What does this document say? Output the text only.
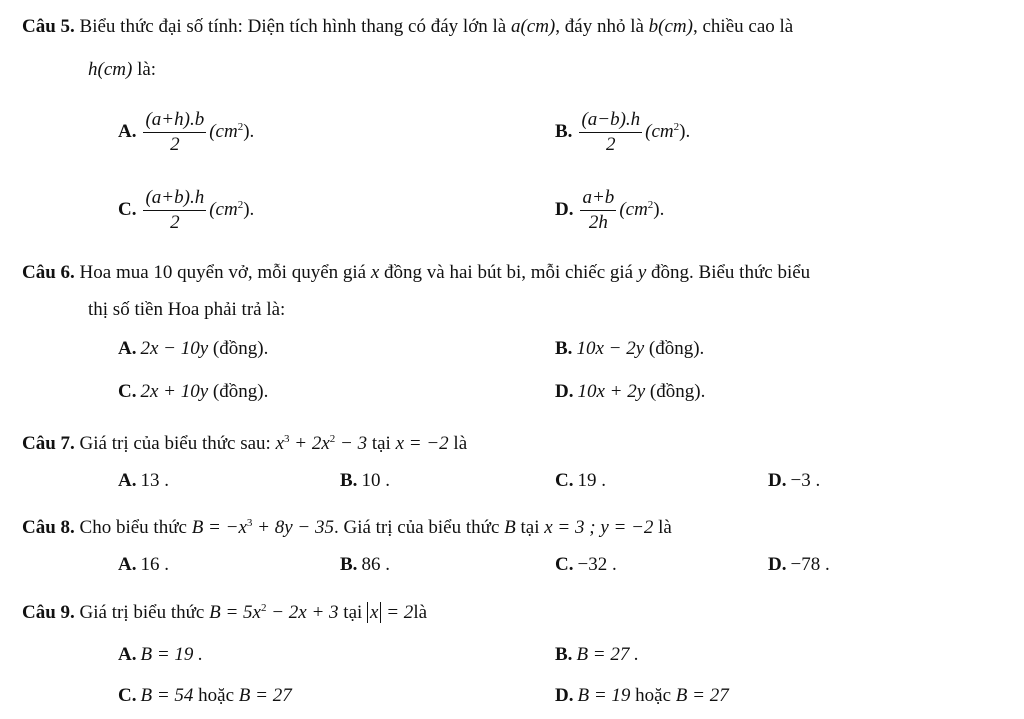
Câu 5. Biểu thức đại số tính: Diện tích hình thang có đáy lớn là a(cm), đáy nhỏ là b(cm), chiều cao là
h(cm) là:
A. $\frac{(a+h).b}{2} (cm^2)$.	B. $\frac{(a-b).h}{2} (cm^2)$.
C. $\frac{(a+b).h}{2} (cm^2)$.	D. $\frac{a+b}{2h} (cm^2)$.
Câu 6. Hoa mua 10 quyển vở, mỗi quyển giá x đồng và hai bút bi, mỗi chiếc giá y đồng. Biểu thức biểu
thị số tiền Hoa phải trả là:
A. 2x − 10y (đồng).	B. 10x − 2y (đồng).
C. 2x + 10y (đồng).	D. 10x + 2y (đồng).
Câu 7. Giá trị của biểu thức sau: $x^3 + 2x^2 - 3$ tại x = −2 là
A. 13 .	B. 10 .	C. 19 .	D. −3 .
Câu 8. Cho biểu thức $B = -x^3 + 8y - 35$. Giá trị của biểu thức B tại x = 3 ; y = −2 là
A. 16 .	B. 86 .	C. −32 .	D. −78 .
Câu 9. Giá trị biểu thức $B = 5x^2 - 2x + 3$ tại x = 2là
A. B = 19 .	B. B = 27 .
C. B = 54 hoặc B = 27	D. B = 19 hoặc B = 27
